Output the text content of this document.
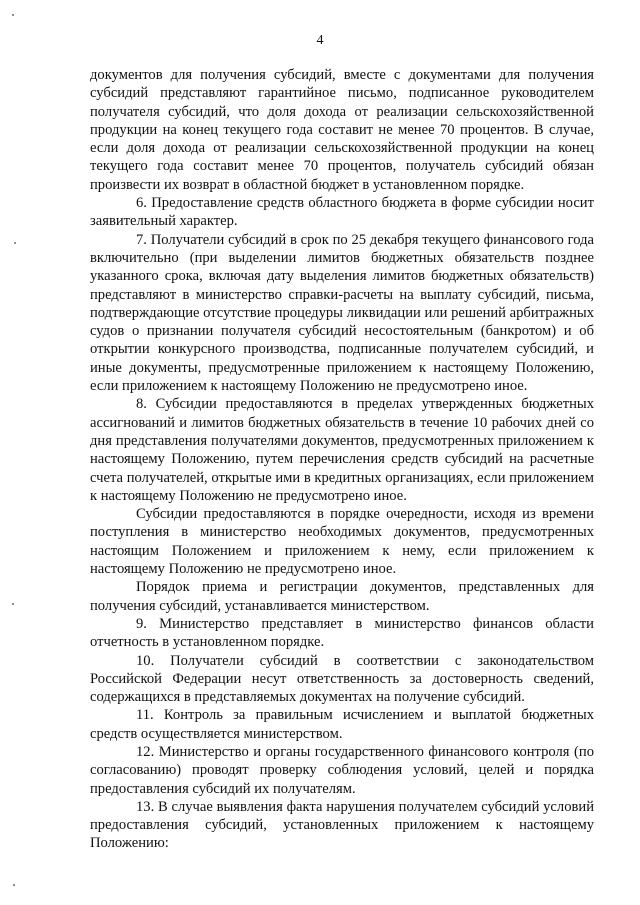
4

документов для получения субсидий, вместе с документами для получения субсидий представляют гарантийное письмо, подписанное руководителем получателя субсидий, что доля дохода от реализации сельскохозяйственной продукции на конец текущего года составит не менее 70 процентов. В случае, если доля дохода от реализации сельскохозяйственной продукции на конец текущего года составит менее 70 процентов, получатель субсидий обязан произвести их возврат в областной бюджет в установленном порядке.

6. Предоставление средств областного бюджета в форме субсидии носит заявительный характер.

7. Получатели субсидий в срок по 25 декабря текущего финансового года включительно (при выделении лимитов бюджетных обязательств позднее указанного срока, включая дату выделения лимитов бюджетных обязательств) представляют в министерство справки-расчеты на выплату субсидий, письма, подтверждающие отсутствие процедуры ликвидации или решений арбитражных судов о признании получателя субсидий несостоятельным (банкротом) и об открытии конкурсного производства, подписанные получателем субсидий, и иные документы, предусмотренные приложением к настоящему Положению, если приложением к настоящему Положению не предусмотрено иное.

8. Субсидии предоставляются в пределах утвержденных бюджетных ассигнований и лимитов бюджетных обязательств в течение 10 рабочих дней со дня представления получателями документов, предусмотренных приложением к настоящему Положению, путем перечисления средств субсидий на расчетные счета получателей, открытые ими в кредитных организациях, если приложением к настоящему Положению не предусмотрено иное.

Субсидии предоставляются в порядке очередности, исходя из времени поступления в министерство необходимых документов, предусмотренных настоящим Положением и приложением к нему, если приложением к настоящему Положению не предусмотрено иное.

Порядок приема и регистрации документов, представленных для получения субсидий, устанавливается министерством.

9. Министерство представляет в министерство финансов области отчетность в установленном порядке.

10. Получатели субсидий в соответствии с законодательством Российской Федерации несут ответственность за достоверность сведений, содержащихся в представляемых документах на получение субсидий.

11. Контроль за правильным исчислением и выплатой бюджетных средств осуществляется министерством.

12. Министерство и органы государственного финансового контроля (по согласованию) проводят проверку соблюдения условий, целей и порядка предоставления субсидий их получателям.

13. В случае выявления факта нарушения получателем субсидий условий предоставления субсидий, установленных приложением к настоящему Положению:
